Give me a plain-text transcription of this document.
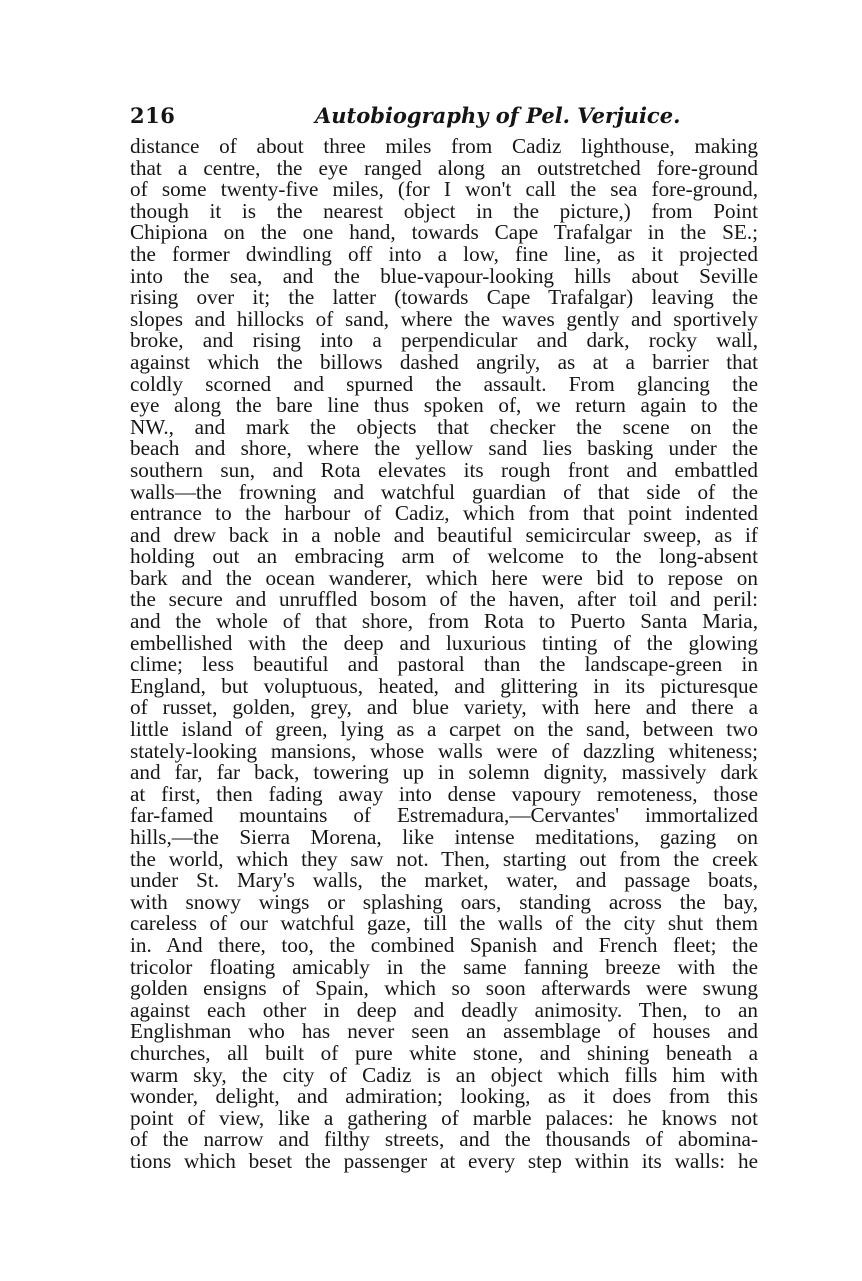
216	Autobiography of Pel. Verjuice.
distance of about three miles from Cadiz lighthouse, making
that a centre, the eye ranged along an outstretched fore-ground
of some twenty-five miles, (for I won't call the sea fore-ground,
though it is the nearest object in the picture,) from Point
Chipiona on the one hand, towards Cape Trafalgar in the SE.;
the former dwindling off into a low, fine line, as it projected
into the sea, and the blue-vapour-looking hills about Seville
rising over it; the latter (towards Cape Trafalgar) leaving the
slopes and hillocks of sand, where the waves gently and sportively
broke, and rising into a perpendicular and dark, rocky wall,
against which the billows dashed angrily, as at a barrier that
coldly scorned and spurned the assault. From glancing the
eye along the bare line thus spoken of, we return again to the
NW., and mark the objects that checker the scene on the
beach and shore, where the yellow sand lies basking under the
southern sun, and Rota elevates its rough front and embattled
walls—the frowning and watchful guardian of that side of the
entrance to the harbour of Cadiz, which from that point indented
and drew back in a noble and beautiful semicircular sweep, as if
holding out an embracing arm of welcome to the long-absent
bark and the ocean wanderer, which here were bid to repose on
the secure and unruffled bosom of the haven, after toil and peril:
and the whole of that shore, from Rota to Puerto Santa Maria,
embellished with the deep and luxurious tinting of the glowing
clime; less beautiful and pastoral than the landscape-green in
England, but voluptuous, heated, and glittering in its picturesque
of russet, golden, grey, and blue variety, with here and there a
little island of green, lying as a carpet on the sand, between two
stately-looking mansions, whose walls were of dazzling whiteness;
and far, far back, towering up in solemn dignity, massively dark
at first, then fading away into dense vapoury remoteness, those
far-famed mountains of Estremadura,—Cervantes' immortalized
hills,—the Sierra Morena, like intense meditations, gazing on
the world, which they saw not. Then, starting out from the creek
under St. Mary's walls, the market, water, and passage boats,
with snowy wings or splashing oars, standing across the bay,
careless of our watchful gaze, till the walls of the city shut them
in. And there, too, the combined Spanish and French fleet; the
tricolor floating amicably in the same fanning breeze with the
golden ensigns of Spain, which so soon afterwards were swung
against each other in deep and deadly animosity. Then, to an
Englishman who has never seen an assemblage of houses and
churches, all built of pure white stone, and shining beneath a
warm sky, the city of Cadiz is an object which fills him with
wonder, delight, and admiration; looking, as it does from this
point of view, like a gathering of marble palaces: he knows not
of the narrow and filthy streets, and the thousands of abomina-
tions which beset the passenger at every step within its walls: he
